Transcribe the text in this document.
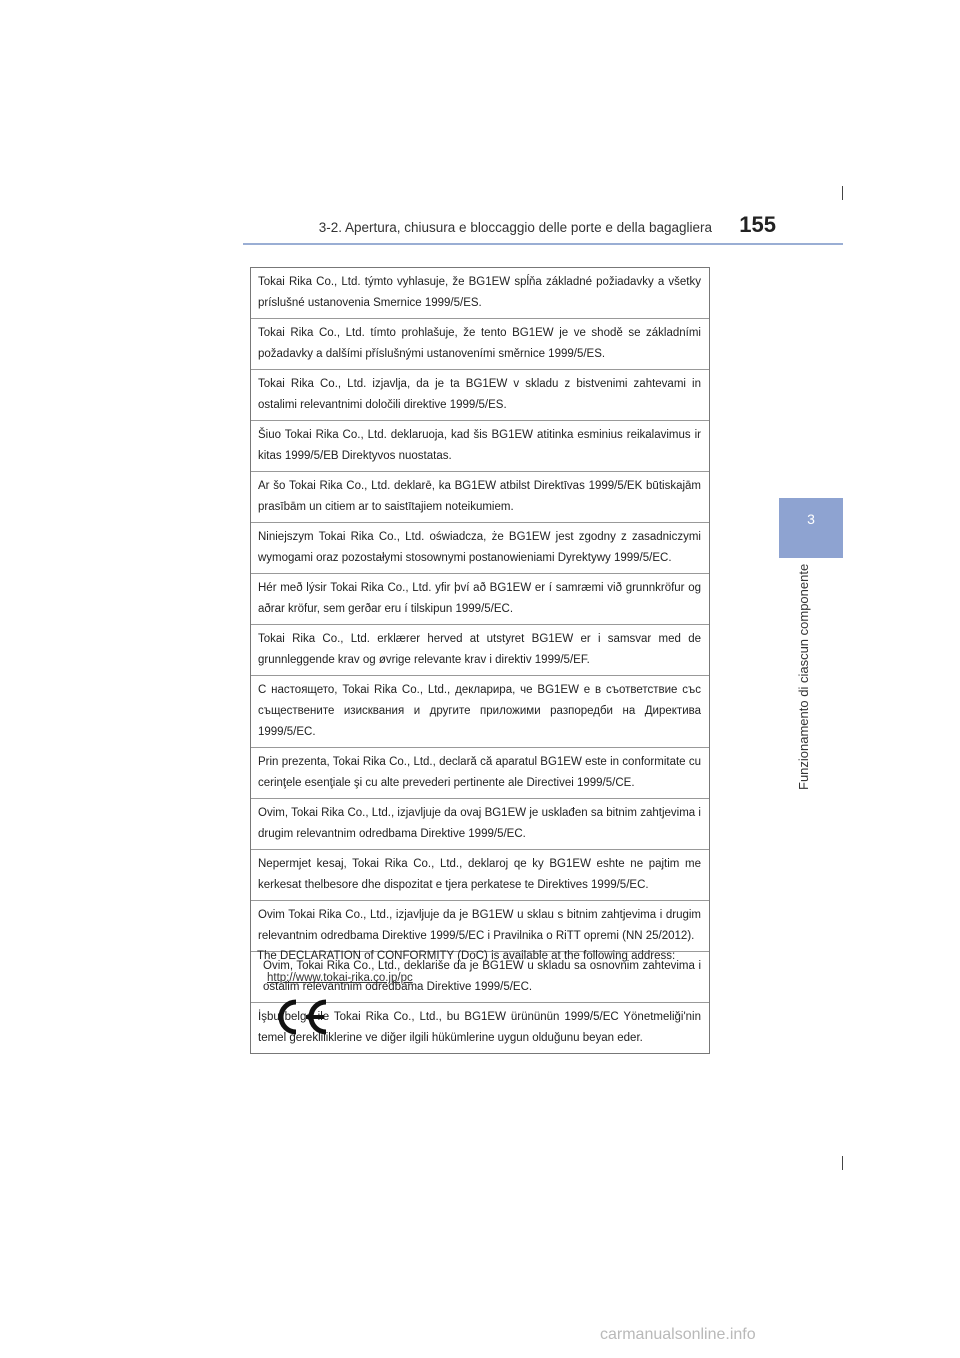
3-2. Apertura, chiusura e bloccaggio delle porte e della bagagliera	155
3
Funzionamento di ciascun componente
Tokai Rika Co., Ltd. týmto vyhlasuje, že BG1EW spĺňa základné požiadavky a všetky príslušné ustanovenia Smernice 1999/5/ES.
Tokai Rika Co., Ltd. tímto prohlašuje, že tento BG1EW je ve shodě se základními požadavky a dalšími příslušnými ustanoveními směrnice 1999/5/ES.
Tokai Rika Co., Ltd. izjavlja, da je ta BG1EW v skladu z bistvenimi zahtevami in ostalimi relevantnimi določili direktive 1999/5/ES.
Šiuo Tokai Rika Co., Ltd. deklaruoja, kad šis BG1EW atitinka esminius reikalavimus ir kitas 1999/5/EB Direktyvos nuostatas.
Ar šo Tokai Rika Co., Ltd. deklarē, ka BG1EW atbilst Direktīvas 1999/5/EK būtiskajām prasībām un citiem ar to saistītajiem noteikumiem.
Niniejszym Tokai Rika Co., Ltd. oświadcza, że BG1EW jest zgodny z zasadniczymi wymogami oraz pozostałymi stosownymi postanowieniami Dyrektywy 1999/5/EC.
Hér með lýsir Tokai Rika Co., Ltd. yfir því að BG1EW er í samræmi við grunnkröfur og aðrar kröfur, sem gerðar eru í tilskipun 1999/5/EC.
Tokai Rika Co., Ltd. erklærer herved at utstyret BG1EW er i samsvar med de grunnleggende krav og øvrige relevante krav i direktiv 1999/5/EF.
С настоящето, Tokai Rika Co., Ltd., декларира, че BG1EW е в съответствие със съществените изисквания и другите приложими разпоредби на Директива 1999/5/EC.
Prin prezenta, Tokai Rika Co., Ltd., declară că aparatul BG1EW este in conformitate cu cerinţele esenţiale şi cu alte prevederi pertinente ale Directivei 1999/5/CE.
Ovim, Tokai Rika Co., Ltd., izjavljuje da ovaj BG1EW je usklađen sa bitnim zahtjevima i drugim relevantnim odredbama Direktive 1999/5/EC.
Nepermjet kesaj, Tokai Rika Co., Ltd., deklaroj qe ky BG1EW eshte ne pajtim me kerkesat thelbesore dhe dispozitat e tjera perkatese te Direktives 1999/5/EC.
Ovim Tokai Rika Co., Ltd., izjavljuje da je BG1EW u sklau s bitnim zahtjevima i drugim relevantnim odredbama Direktive 1999/5/EC i Pravilnika o RiTT opremi (NN 25/2012).
Ovim, Tokai Rika Co., Ltd., deklariše da je BG1EW u skladu sa osnovnim zahtevima i ostalim relevantnim odredbama Direktive 1999/5/EC.
İşbu belge ile Tokai Rika Co., Ltd., bu BG1EW ürününün 1999/5/EC Yönetmeliği'nin temel gerekliliklerine ve diğer ilgili hükümlerine uygun olduğunu beyan eder.
The DECLARATION of CONFORMITY (DoC) is available at the following address:
http://www.tokai-rika.co.jp/pc
carmanualsonline.info
